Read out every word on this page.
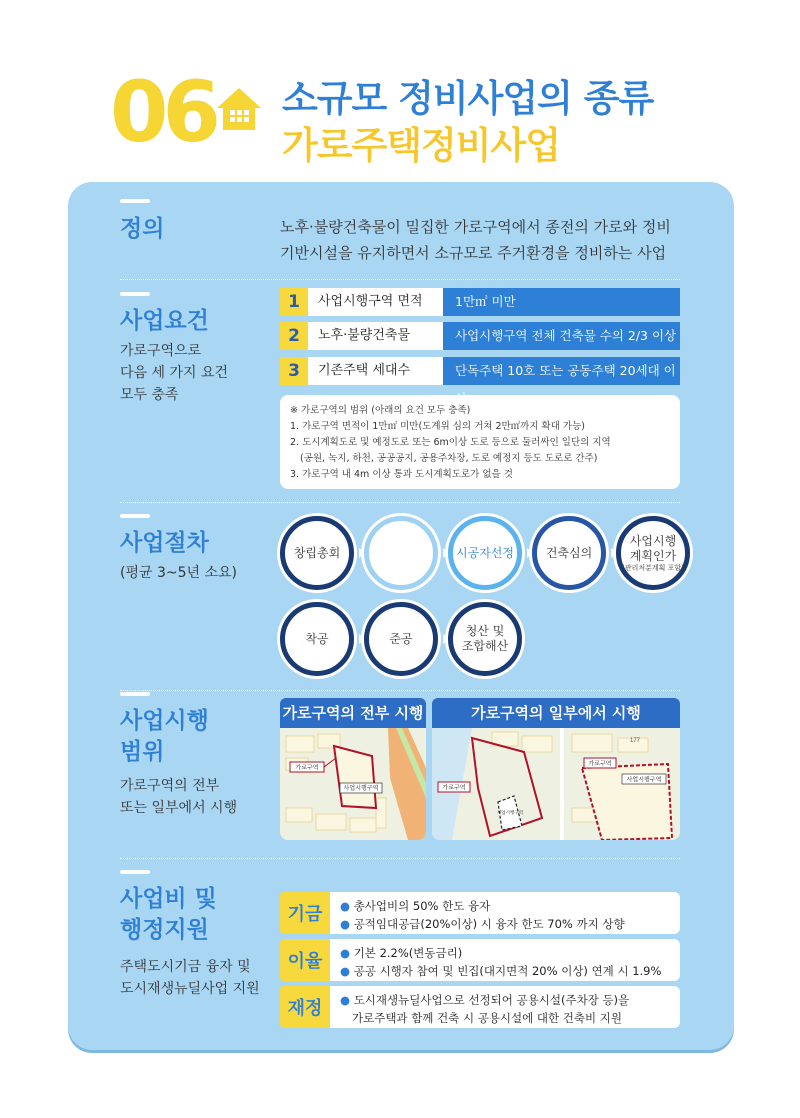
06 소규모 정비사업의 종류
가로주택정비사업
정의	노후·불량건축물이 밀집한 가로구역에서 종전의 가로와 정비
기반시설을 유지하면서 소규모로 주거환경을 정비하는 사업
사업요건
가로구역으로
다음 세 가지 요건
모두 충족
1	사업시행구역 면적	1만㎡ 미만
2	노후·불량건축물	사업시행구역 전체 건축물 수의 2/3 이상
3	기존주택 세대수	단독주택 10호 또는 공동주택 20세대 이
※ 가로구역의 범위 (아래의 요건 모두 충족)
1. 가로구역 면적이 1만㎡ 미만(도계위 심의 거쳐 2만㎡까지 확대 가능)
2. 도시계획도로 및 예정도로 또는 6m이상 도로 등으로 둘러싸인 일단의 지역
(공원, 녹지, 하천, 공공공지, 공용주차장, 도로 예정지 등도 도로로 간주)
3. 가로구역 내 4m 이상 통과 도시계획도로가 없을 것
사업절차
(평균 3~5년 소요)
창립총회	조합설립인가 시공자선정	건축심의
사업시행
계획인가
(관리처분계획 포함)
착공	준공
청산 및
조합해산
사업시행
범위
가로구역의 전부
또는 일부에서 시행
가로구역의 전부 시행
가로구역
사업시행구역
가로구역의 일부에서 시행
가로구역
사업시행구역
가로구역
사업시행구역
177
사업비 및
행정지원
주택도시기금 융자 및
도시재생뉴딜사업 지원
기금	● 총사업비의 50% 한도 융자
● 공적임대공급(20%이상) 시 융자 한도 70% 까지 상향
이율	● 기본 2.2%(변동금리)
● 공공 시행자 참여 및 빈집(대지면적 20% 이상) 연계 시 1.9%
재정	● 도시재생뉴딜사업으로 선정되어 공용시설(주차장 등)을
가로주택과 함께 건축 시 공용시설에 대한 건축비 지원
